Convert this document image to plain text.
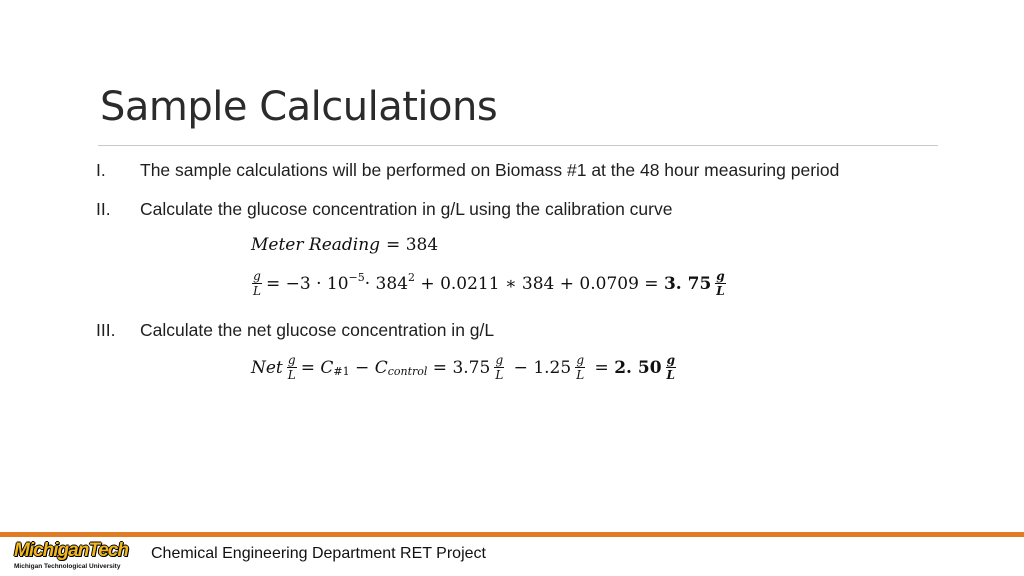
Sample Calculations
I. The sample calculations will be performed on Biomass #1 at the 48 hour measuring period
II. Calculate the glucose concentration in g/L using the calibration curve
Meter Reading = 384
$\frac{g}{L} = -3 \cdot 10^{-5} \cdot 384^2 + 0.0211$ ∗ 384 + 0.0709 = 3. $75 \frac{g}{L}$
III. Calculate the net glucose concentration in g/L
Net $\frac{g}{L} = C_{\#1} - C_{control} = 3.75 \frac{g}{L} - 1.25 \frac{g}{L} = 2$. $50 \frac{g}{L}$
MichiganTech
Michigan Technological University
Chemical Engineering Department RET Project
